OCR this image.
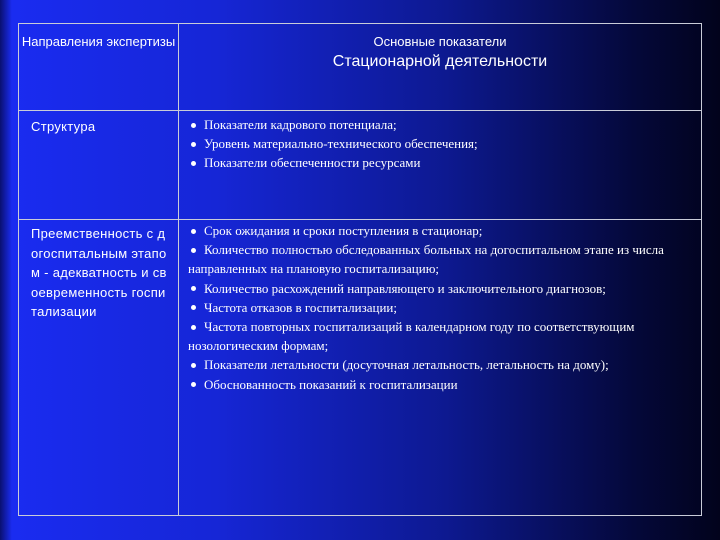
Направления экспертизы	Основные показатели
Стационарной деятельности
Структура	Показатели кадрового потенциала;
Уровень материально-технического обеспечения;
Показатели обеспеченности ресурсами
Преемственность с догоспитальным этапом - адекватность и своевременность госпитализации
Срок ожидания и сроки поступления в стационар;
Количество полностью обследованных больных на догоспитальном этапе из числа направленных на плановую госпитализацию;
Количество расхождений направляющего и заключительного диагнозов;
Частота отказов в госпитализации;
Частота повторных госпитализаций в календарном году по соответствующим нозологическим формам;
Показатели летальности (досуточная летальность, летальность на дому);
Обоснованность показаний к госпитализации
